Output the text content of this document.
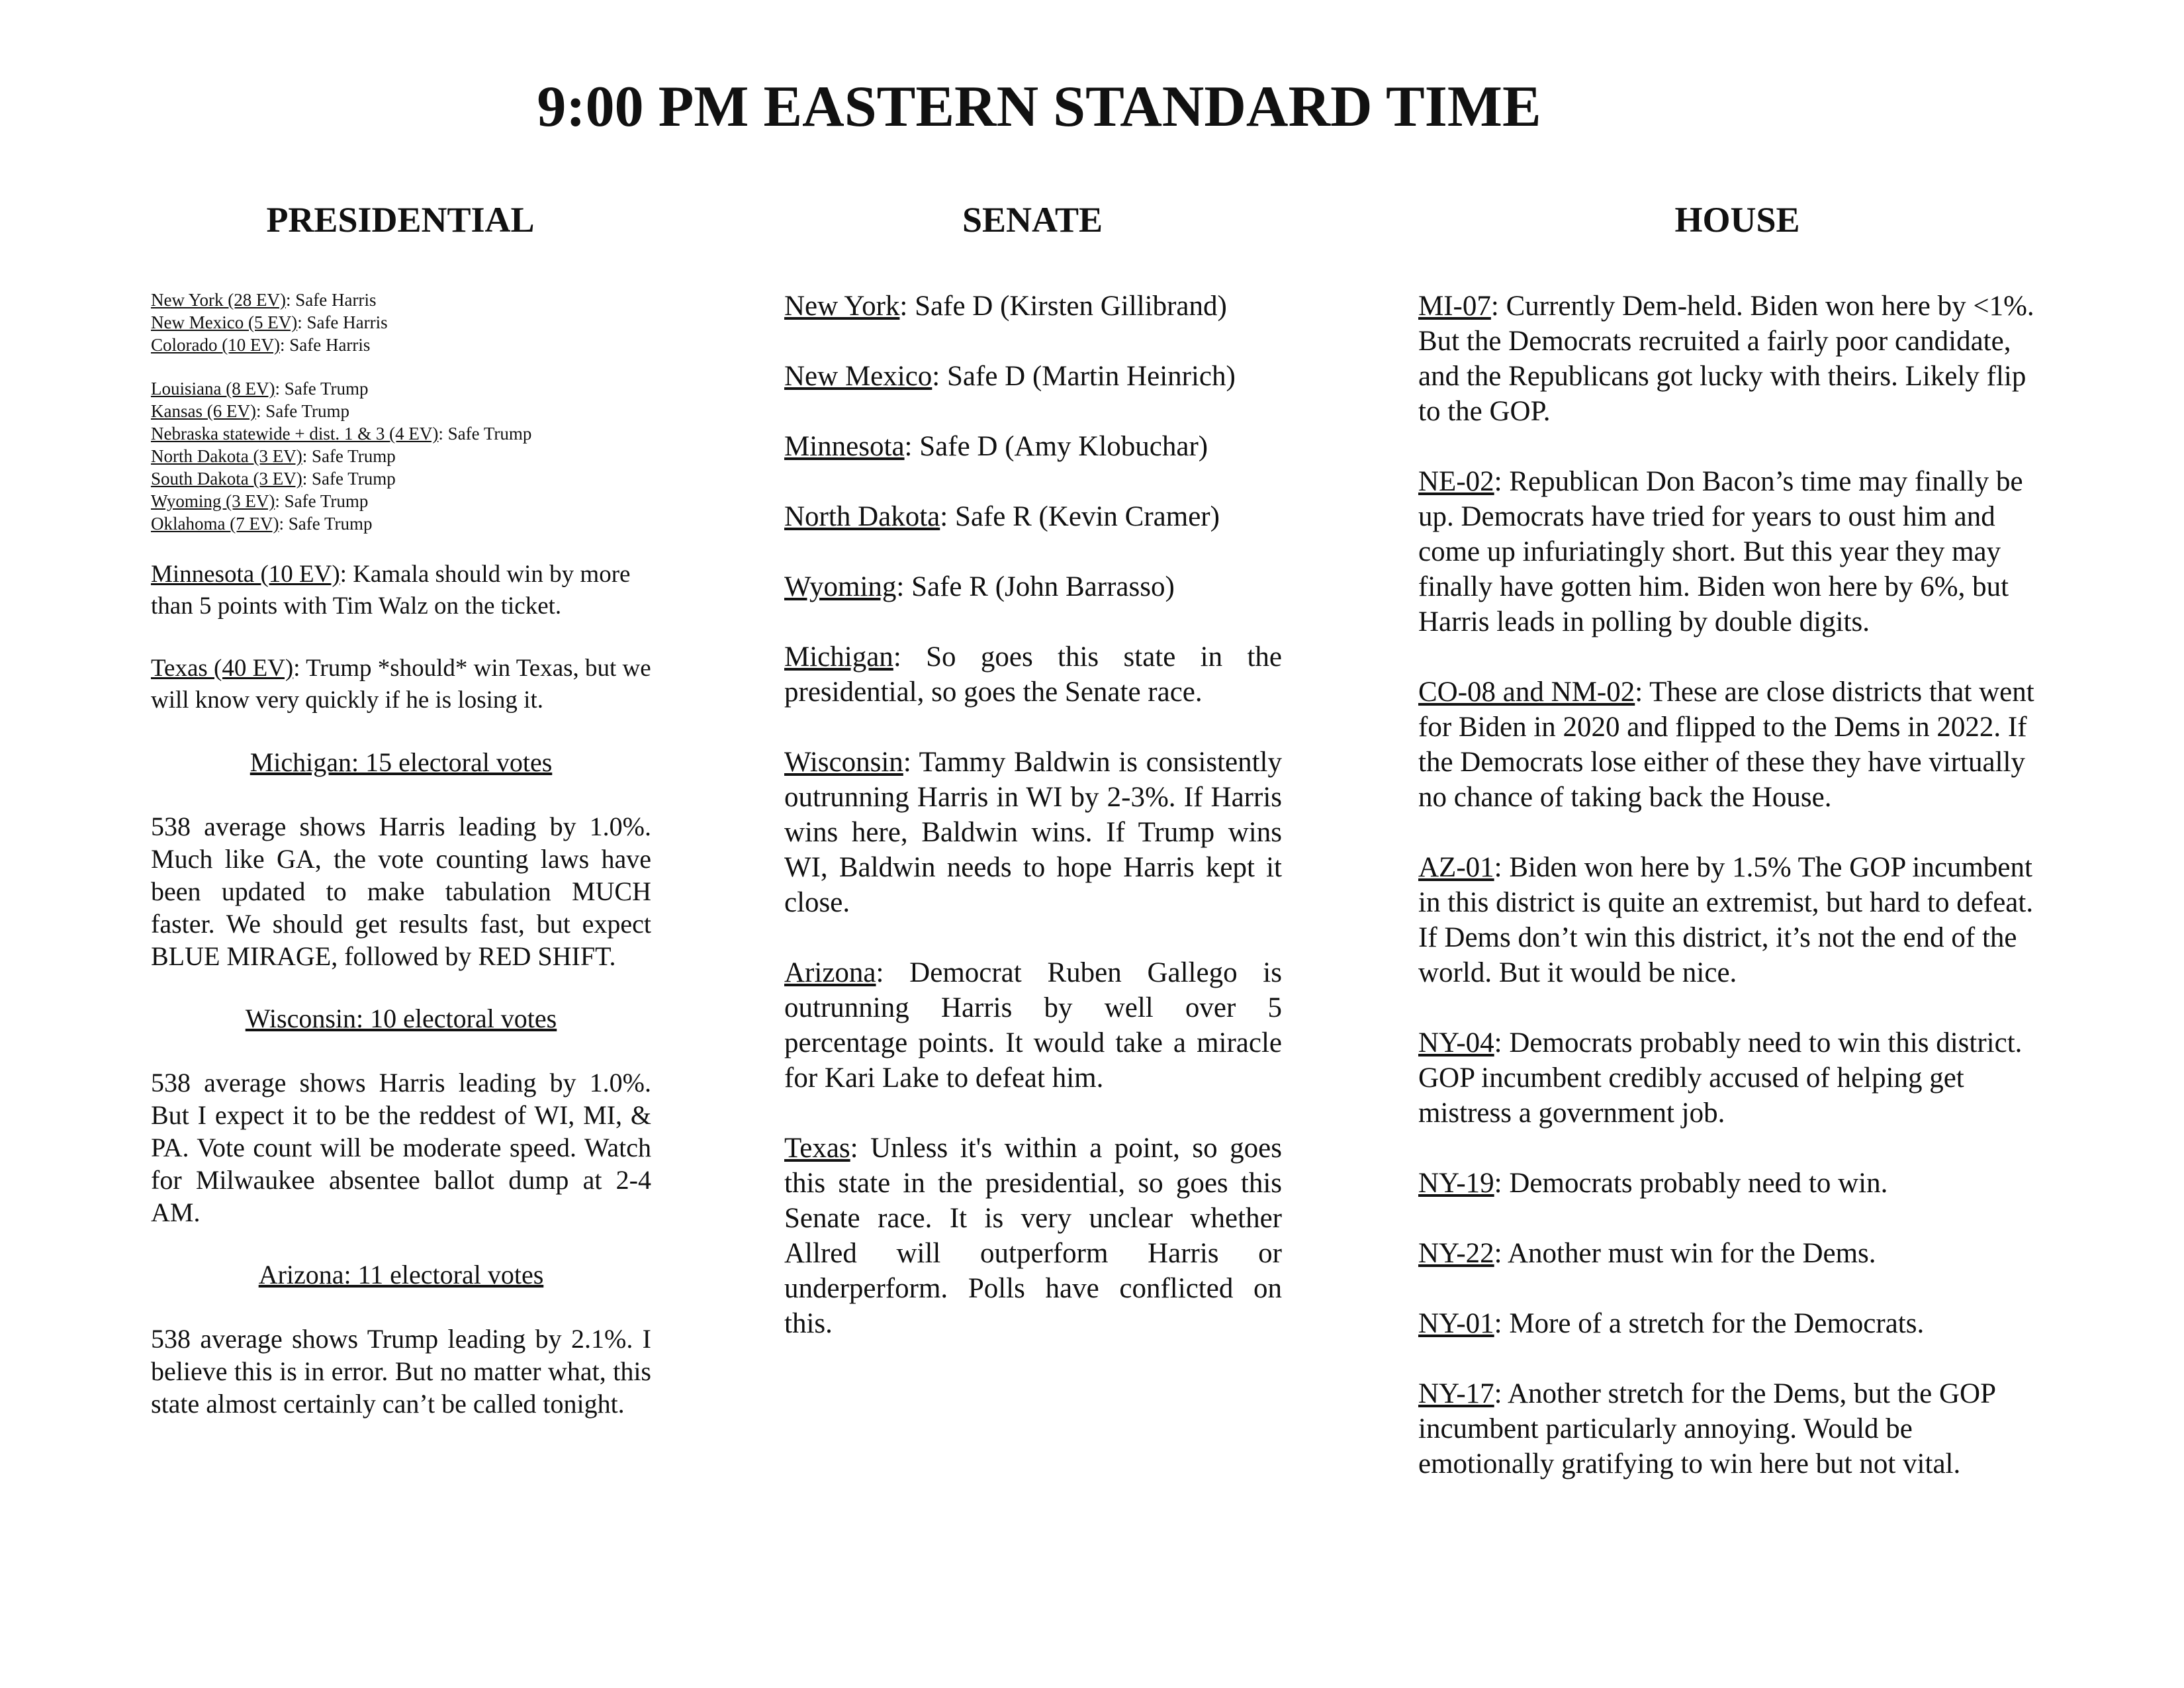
9:00 PM EASTERN STANDARD TIME
PRESIDENTIAL	SENATE	HOUSE
New York (28 EV): Safe Harris
New Mexico (5 EV): Safe Harris
Colorado (10 EV): Safe Harris
Louisiana (8 EV): Safe Trump
Kansas (6 EV): Safe Trump
Nebraska statewide + dist. 1 & 3 (4 EV): Safe Trump
North Dakota (3 EV): Safe Trump
South Dakota (3 EV): Safe Trump
Wyoming (3 EV): Safe Trump
Oklahoma (7 EV): Safe Trump
Minnesota (10 EV): Kamala should win by more than 5 points with Tim Walz on the ticket.
Texas (40 EV): Trump *should* win Texas, but we will know very quickly if he is losing it.
Michigan: 15 electoral votes
538 average shows Harris leading by 1.0%. Much like GA, the vote counting laws have been updated to make tabulation MUCH faster. We should get results fast, but expect BLUE MIRAGE, followed by RED SHIFT.
Wisconsin: 10 electoral votes
538 average shows Harris leading by 1.0%. But I expect it to be the reddest of WI, MI, & PA. Vote count will be moderate speed. Watch for Milwaukee absentee ballot dump at 2-4 AM.
Arizona: 11 electoral votes
538 average shows Trump leading by 2.1%. I believe this is in error. But no matter what, this state almost certainly can’t be called tonight.
New York: Safe D (Kirsten Gillibrand)
New Mexico: Safe D (Martin Heinrich)
Minnesota: Safe D (Amy Klobuchar)
North Dakota: Safe R (Kevin Cramer)
Wyoming: Safe R (John Barrasso)
Michigan: So goes this state in the presidential, so goes the Senate race.
Wisconsin: Tammy Baldwin is consistently outrunning Harris in WI by 2-3%. If Harris wins here, Baldwin wins. If Trump wins WI, Baldwin needs to hope Harris kept it close.
Arizona: Democrat Ruben Gallego is outrunning Harris by well over 5 percentage points. It would take a miracle for Kari Lake to defeat him.
Texas: Unless it's within a point, so goes this state in the presidential, so goes this Senate race. It is very unclear whether Allred will outperform Harris or underperform. Polls have conflicted on this.
MI-07: Currently Dem-held. Biden won here by <1%. But the Democrats recruited a fairly poor candidate, and the Republicans got lucky with theirs. Likely flip to the GOP.
NE-02: Republican Don Bacon’s time may finally be up. Democrats have tried for years to oust him and come up infuriatingly short. But this year they may finally have gotten him. Biden won here by 6%, but Harris leads in polling by double digits.
CO-08 and NM-02: These are close districts that went for Biden in 2020 and flipped to the Dems in 2022. If the Democrats lose either of these they have virtually no chance of taking back the House.
AZ-01: Biden won here by 1.5% The GOP incumbent in this district is quite an extremist, but hard to defeat. If Dems don’t win this district, it’s not the end of the world. But it would be nice.
NY-04: Democrats probably need to win this district. GOP incumbent credibly accused of helping get mistress a government job.
NY-19: Democrats probably need to win.
NY-22: Another must win for the Dems.
NY-01: More of a stretch for the Democrats.
NY-17: Another stretch for the Dems, but the GOP incumbent particularly annoying. Would be emotionally gratifying to win here but not vital.
